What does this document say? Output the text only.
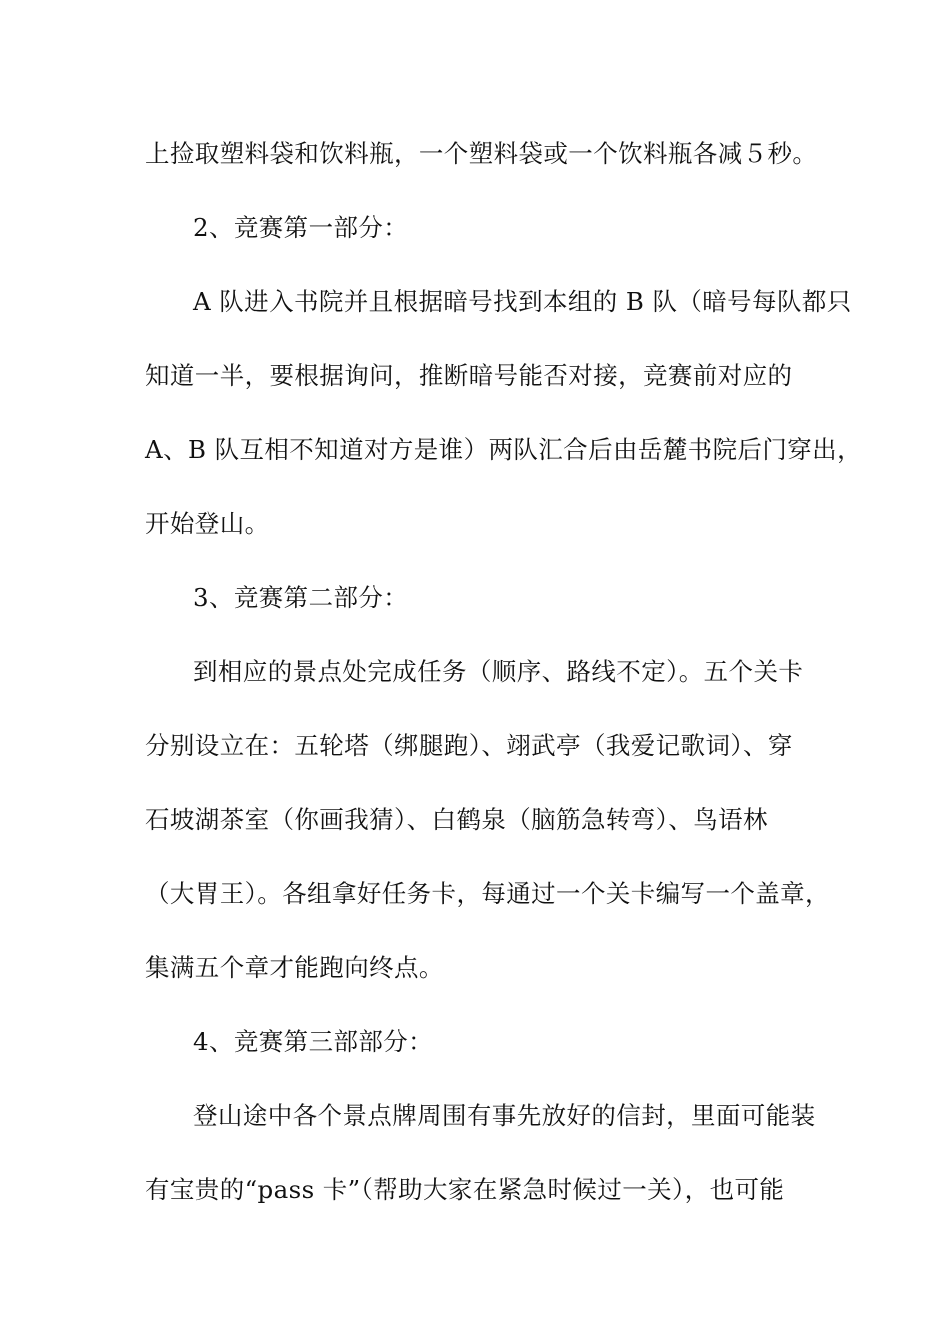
上捡取塑料袋和饮料瓶，一个塑料袋或一个饮料瓶各减５秒。
2、竞赛第一部分：
A 队进入书院并且根据暗号找到本组的 B 队（暗号每队都只
知道一半，要根据询问，推断暗号能否对接，竞赛前对应的
A、B 队互相不知道对方是谁）两队汇合后由岳麓书院后门穿出，
开始登山。
3、竞赛第二部分：
到相应的景点处完成任务（顺序、路线不定）。五个关卡
分别设立在：五轮塔（绑腿跑）、翊武亭（我爱记歌词）、穿
石坡湖茶室（你画我猜）、白鹤泉（脑筋急转弯）、鸟语林
（大胃王）。各组拿好任务卡，每通过一个关卡编写一个盖章，
集满五个章才能跑向终点。
4、竞赛第三部部分：
登山途中各个景点牌周围有事先放好的信封，里面可能装
有宝贵的“pass 卡”（帮助大家在紧急时候过一关），也可能
